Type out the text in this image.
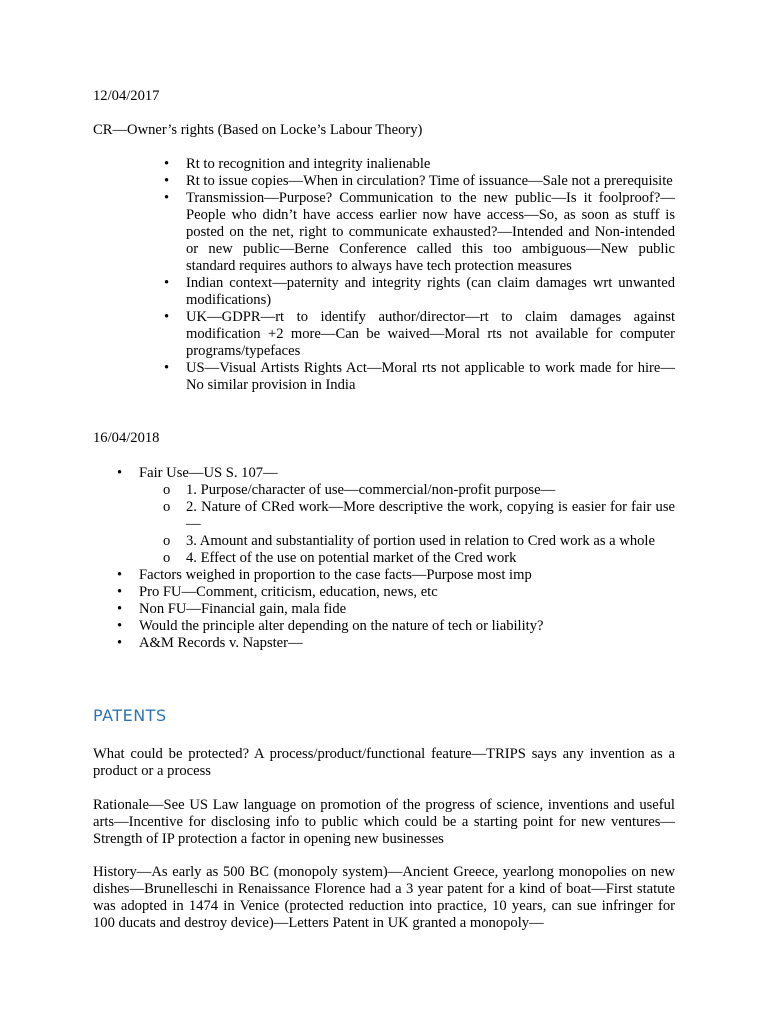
12/04/2017
CR—Owner’s rights (Based on Locke’s Labour Theory)
• Rt to recognition and integrity inalienable
• Rt to issue copies—When in circulation? Time of issuance—Sale not a prerequisite
• Transmission—Purpose? Communication to the new public—Is it foolproof?—People who didn’t have access earlier now have access—So, as soon as stuff is posted on the net, right to communicate exhausted?—Intended and Non-intended or new public—Berne Conference called this too ambiguous—New public standard requires authors to always have tech protection measures
• Indian context—paternity and integrity rights (can claim damages wrt unwanted modifications)
• UK—GDPR—rt to identify author/director—rt to claim damages against modification +2 more—Can be waived—Moral rts not available for computer programs/typefaces
• US—Visual Artists Rights Act—Moral rts not applicable to work made for hire—No similar provision in India
16/04/2018
• Fair Use—US S. 107—
o 1. Purpose/character of use—commercial/non-profit purpose—
o 2. Nature of CRed work—More descriptive the work, copying is easier for fair use—
o 3. Amount and substantiality of portion used in relation to Cred work as a whole
o 4. Effect of the use on potential market of the Cred work
• Factors weighed in proportion to the case facts—Purpose most imp
• Pro FU—Comment, criticism, education, news, etc
• Non FU—Financial gain, mala fide
• Would the principle alter depending on the nature of tech or liability?
• A&M Records v. Napster—
PATENTS
What could be protected? A process/product/functional feature—TRIPS says any invention as a product or a process
Rationale—See US Law language on promotion of the progress of science, inventions and useful arts—Incentive for disclosing info to public which could be a starting point for new ventures—Strength of IP protection a factor in opening new businesses
History—As early as 500 BC (monopoly system)—Ancient Greece, yearlong monopolies on new dishes—Brunelleschi in Renaissance Florence had a 3 year patent for a kind of boat—First statute was adopted in 1474 in Venice (protected reduction into practice, 10 years, can sue infringer for 100 ducats and destroy device)—Letters Patent in UK granted a monopoly—
